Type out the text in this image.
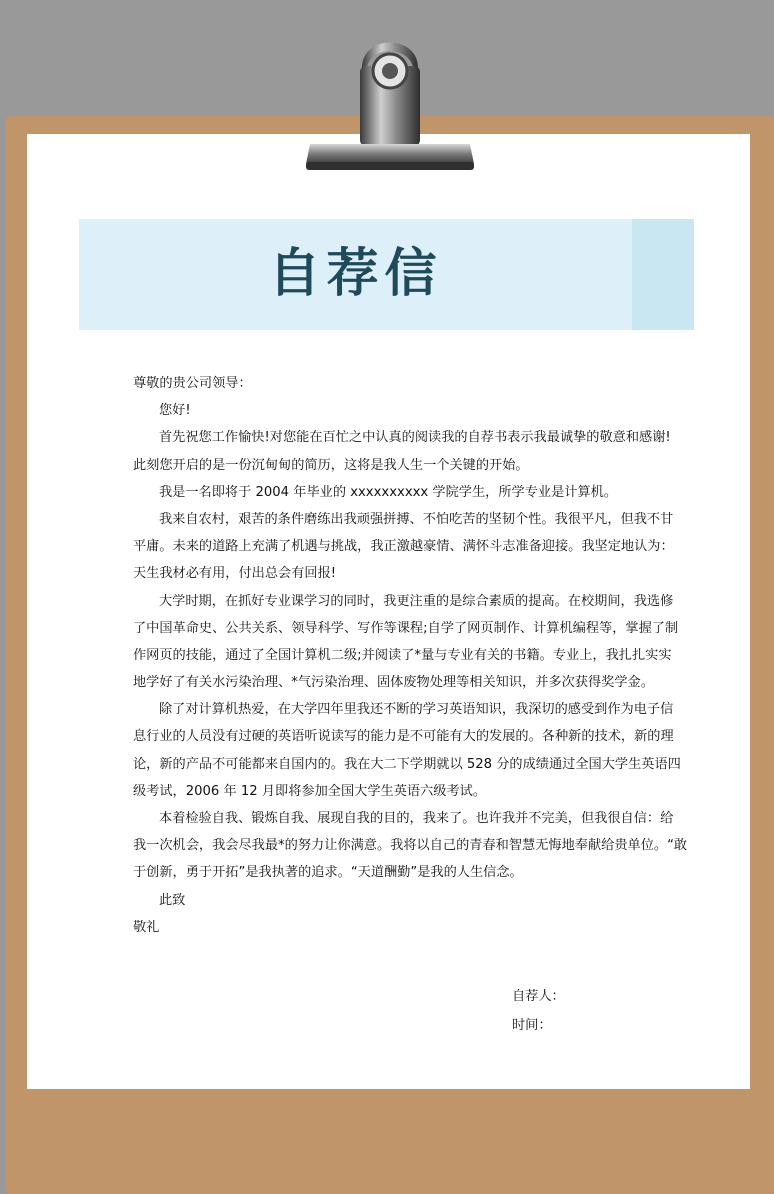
自荐信
尊敬的贵公司领导：
您好!
首先祝您工作愉快!对您能在百忙之中认真的阅读我的自荐书表示我最诚挚的敬意和感谢!
此刻您开启的是一份沉甸甸的简历，这将是我人生一个关键的开始。
我是一名即将于 2004 年毕业的 xxxxxxxxxx 学院学生，所学专业是计算机。
我来自农村，艰苦的条件磨练出我顽强拼搏、不怕吃苦的坚韧个性。我很平凡，但我不甘
平庸。未来的道路上充满了机遇与挑战，我正激越豪情、满怀斗志准备迎接。我坚定地认为：
天生我材必有用，付出总会有回报!
大学时期，在抓好专业课学习的同时，我更注重的是综合素质的提高。在校期间，我选修
了中国革命史、公共关系、领导科学、写作等课程;自学了网页制作、计算机编程等，掌握了制
作网页的技能，通过了全国计算机二级;并阅读了*量与专业有关的书籍。专业上，我扎扎实实
地学好了有关水污染治理、*气污染治理、固体废物处理等相关知识，并多次获得奖学金。
除了对计算机热爱，在大学四年里我还不断的学习英语知识，我深切的感受到作为电子信
息行业的人员没有过硬的英语听说读写的能力是不可能有大的发展的。各种新的技术，新的理
论，新的产品不可能都来自国内的。我在大二下学期就以 528 分的成绩通过全国大学生英语四
级考试，2006 年 12 月即将参加全国大学生英语六级考试。
本着检验自我、锻炼自我、展现自我的目的，我来了。也许我并不完美，但我很自信：给
我一次机会，我会尽我最*的努力让你满意。我将以自己的青春和智慧无悔地奉献给贵单位。“敢
于创新，勇于开拓”是我执著的追求。“天道酬勤”是我的人生信念。
此致
敬礼
自荐人：
时间：
